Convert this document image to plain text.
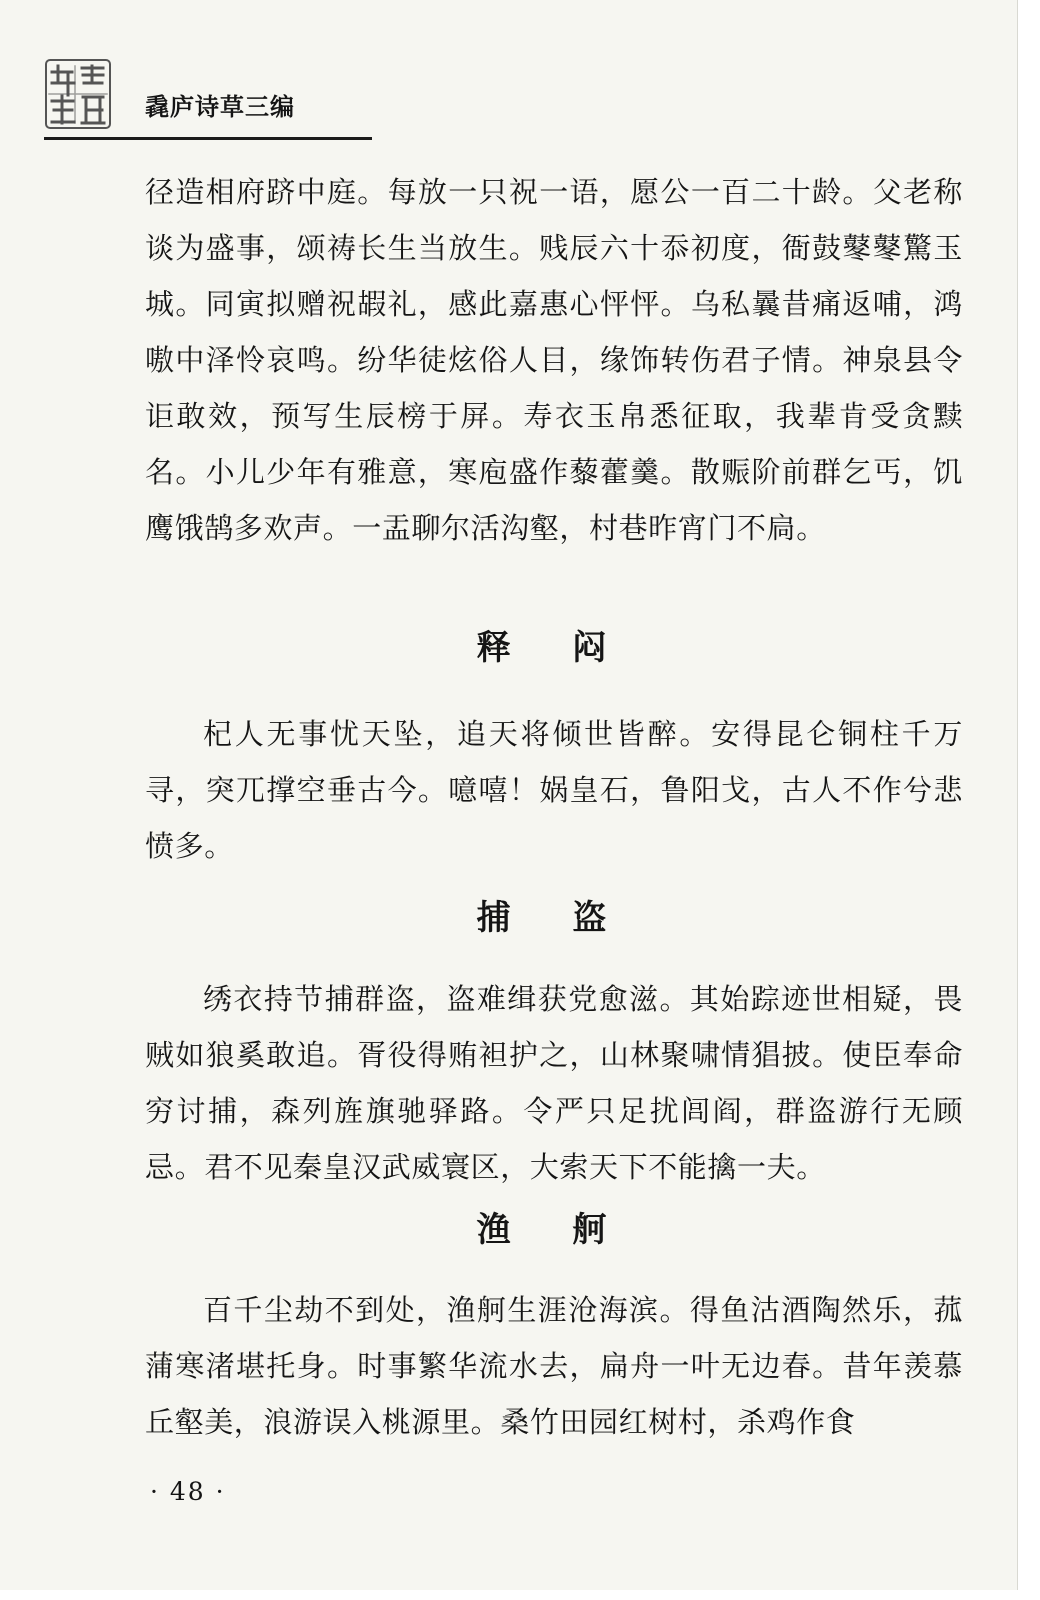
毳庐诗草三编

径造相府跻中庭。每放一只祝一语，愿公一百二十龄。父老称谈为盛事，颂祷长生当放生。贱辰六十忝初度，衙鼓鼕鼕驚玉城。同寅拟赠祝嘏礼，感此嘉惠心怦怦。乌私曩昔痛返哺，鸿嗷中泽怜哀鸣。纷华徒炫俗人目，缘饰转伤君子情。神泉县令讵敢效，预写生辰榜于屏。寿衣玉帛悉征取，我辈肯受贪黩名。小儿少年有雅意，寒庖盛作藜藿羹。散赈阶前群乞丐，饥鹰饿鹄多欢声。一盂聊尔活沟壑，村巷昨宵门不扃。

释 闷

杞人无事忧天坠，追天将倾世皆醉。安得昆仑铜柱千万寻，突兀撑空垂古今。噫嘻！娲皇石，鲁阳戈，古人不作兮悲愤多。

捕 盗

绣衣持节捕群盗，盗难缉获党愈滋。其始踪迹世相疑，畏贼如狼奚敢追。胥役得贿袒护之，山林聚啸情猖披。使臣奉命穷讨捕，森列旌旗驰驿路。令严只足扰闾阎，群盗游行无顾忌。君不见秦皇汉武威寰区，大索天下不能擒一夫。

渔 舸

百千尘劫不到处，渔舸生涯沧海滨。得鱼沽酒陶然乐，菰蒲寒渚堪托身。时事繁华流水去，扁舟一叶无边春。昔年羡慕丘壑美，浪游误入桃源里。桑竹田园红树村，杀鸡作食

· 48 ·
